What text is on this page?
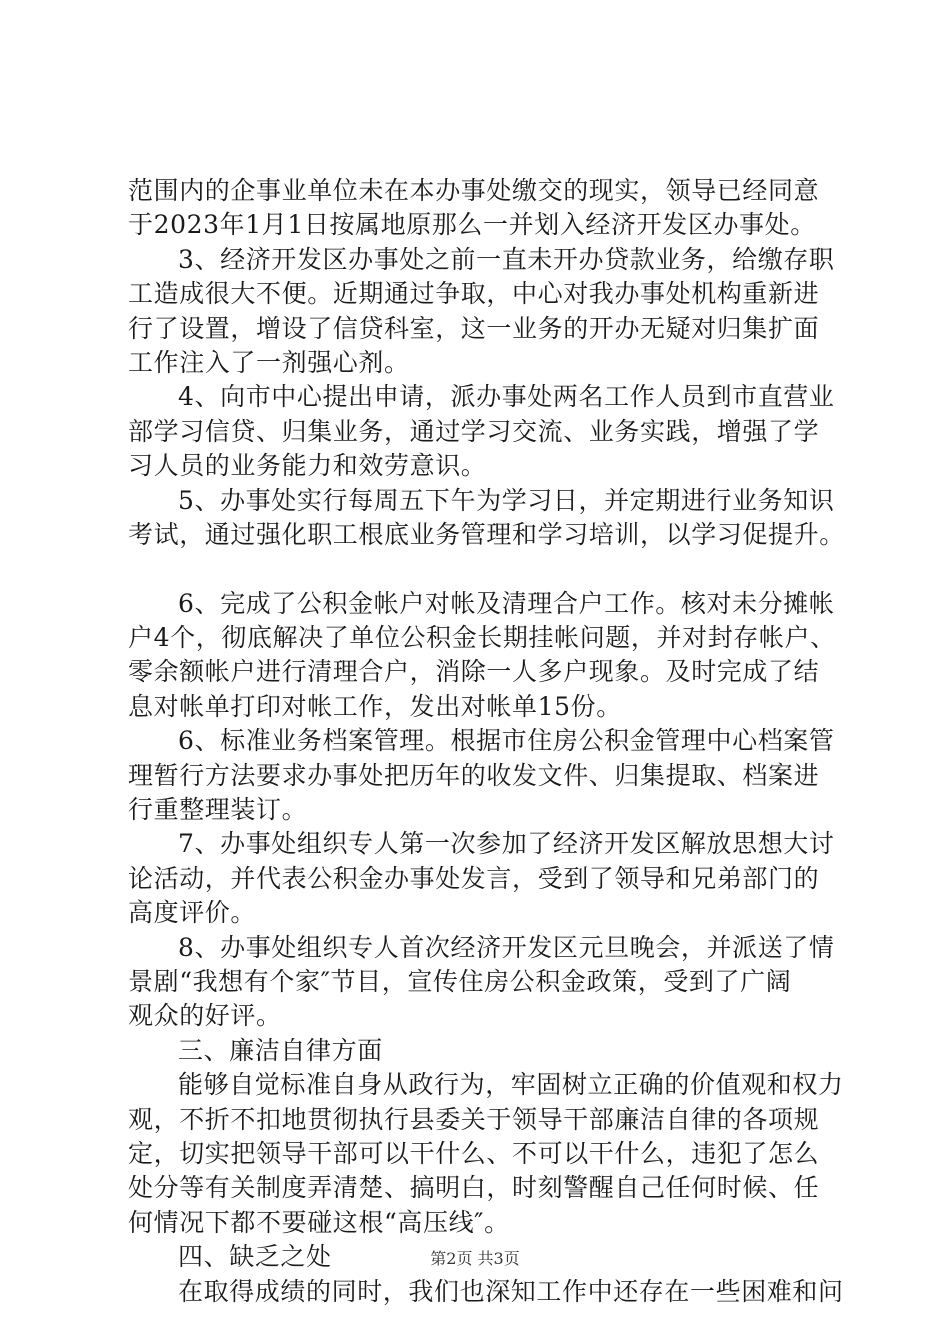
范围内的企事业单位未在本办事处缴交的现实，领导已经同意
于2023年1月1日按属地原那么一并划入经济开发区办事处。
3、经济开发区办事处之前一直未开办贷款业务，给缴存职
工造成很大不便。近期通过争取，中心对我办事处机构重新进
行了设置，增设了信贷科室，这一业务的开办无疑对归集扩面
工作注入了一剂强心剂。
4、向市中心提出申请，派办事处两名工作人员到市直营业
部学习信贷、归集业务，通过学习交流、业务实践，增强了学
习人员的业务能力和效劳意识。
5、办事处实行每周五下午为学习日，并定期进行业务知识
考试，通过强化职工根底业务管理和学习培训，以学习促提升。
6、完成了公积金帐户对帐及清理合户工作。核对未分摊帐
户4个，彻底解决了单位公积金长期挂帐问题，并对封存帐户、
零余额帐户进行清理合户，消除一人多户现象。及时完成了结
息对帐单打印对帐工作，发出对帐单15份。
6、标准业务档案管理。根据市住房公积金管理中心档案管
理暂行方法要求办事处把历年的收发文件、归集提取、档案进
行重整理装订。
7、办事处组织专人第一次参加了经济开发区解放思想大讨
论活动，并代表公积金办事处发言，受到了领导和兄弟部门的
高度评价。
8、办事处组织专人首次经济开发区元旦晚会，并派送了情
景剧“我想有个家″节目，宣传住房公积金政策，受到了广阔
观众的好评。
三、廉洁自律方面
能够自觉标准自身从政行为，牢固树立正确的价值观和权力
观，不折不扣地贯彻执行县委关于领导干部廉洁自律的各项规
定，切实把领导干部可以干什么、不可以干什么，违犯了怎么
处分等有关制度弄清楚、搞明白，时刻警醒自己任何时候、任
何情况下都不要碰这根“高压线″。
四、缺乏之处
在取得成绩的同时，我们也深知工作中还存在一些困难和问
第2页 共3页
